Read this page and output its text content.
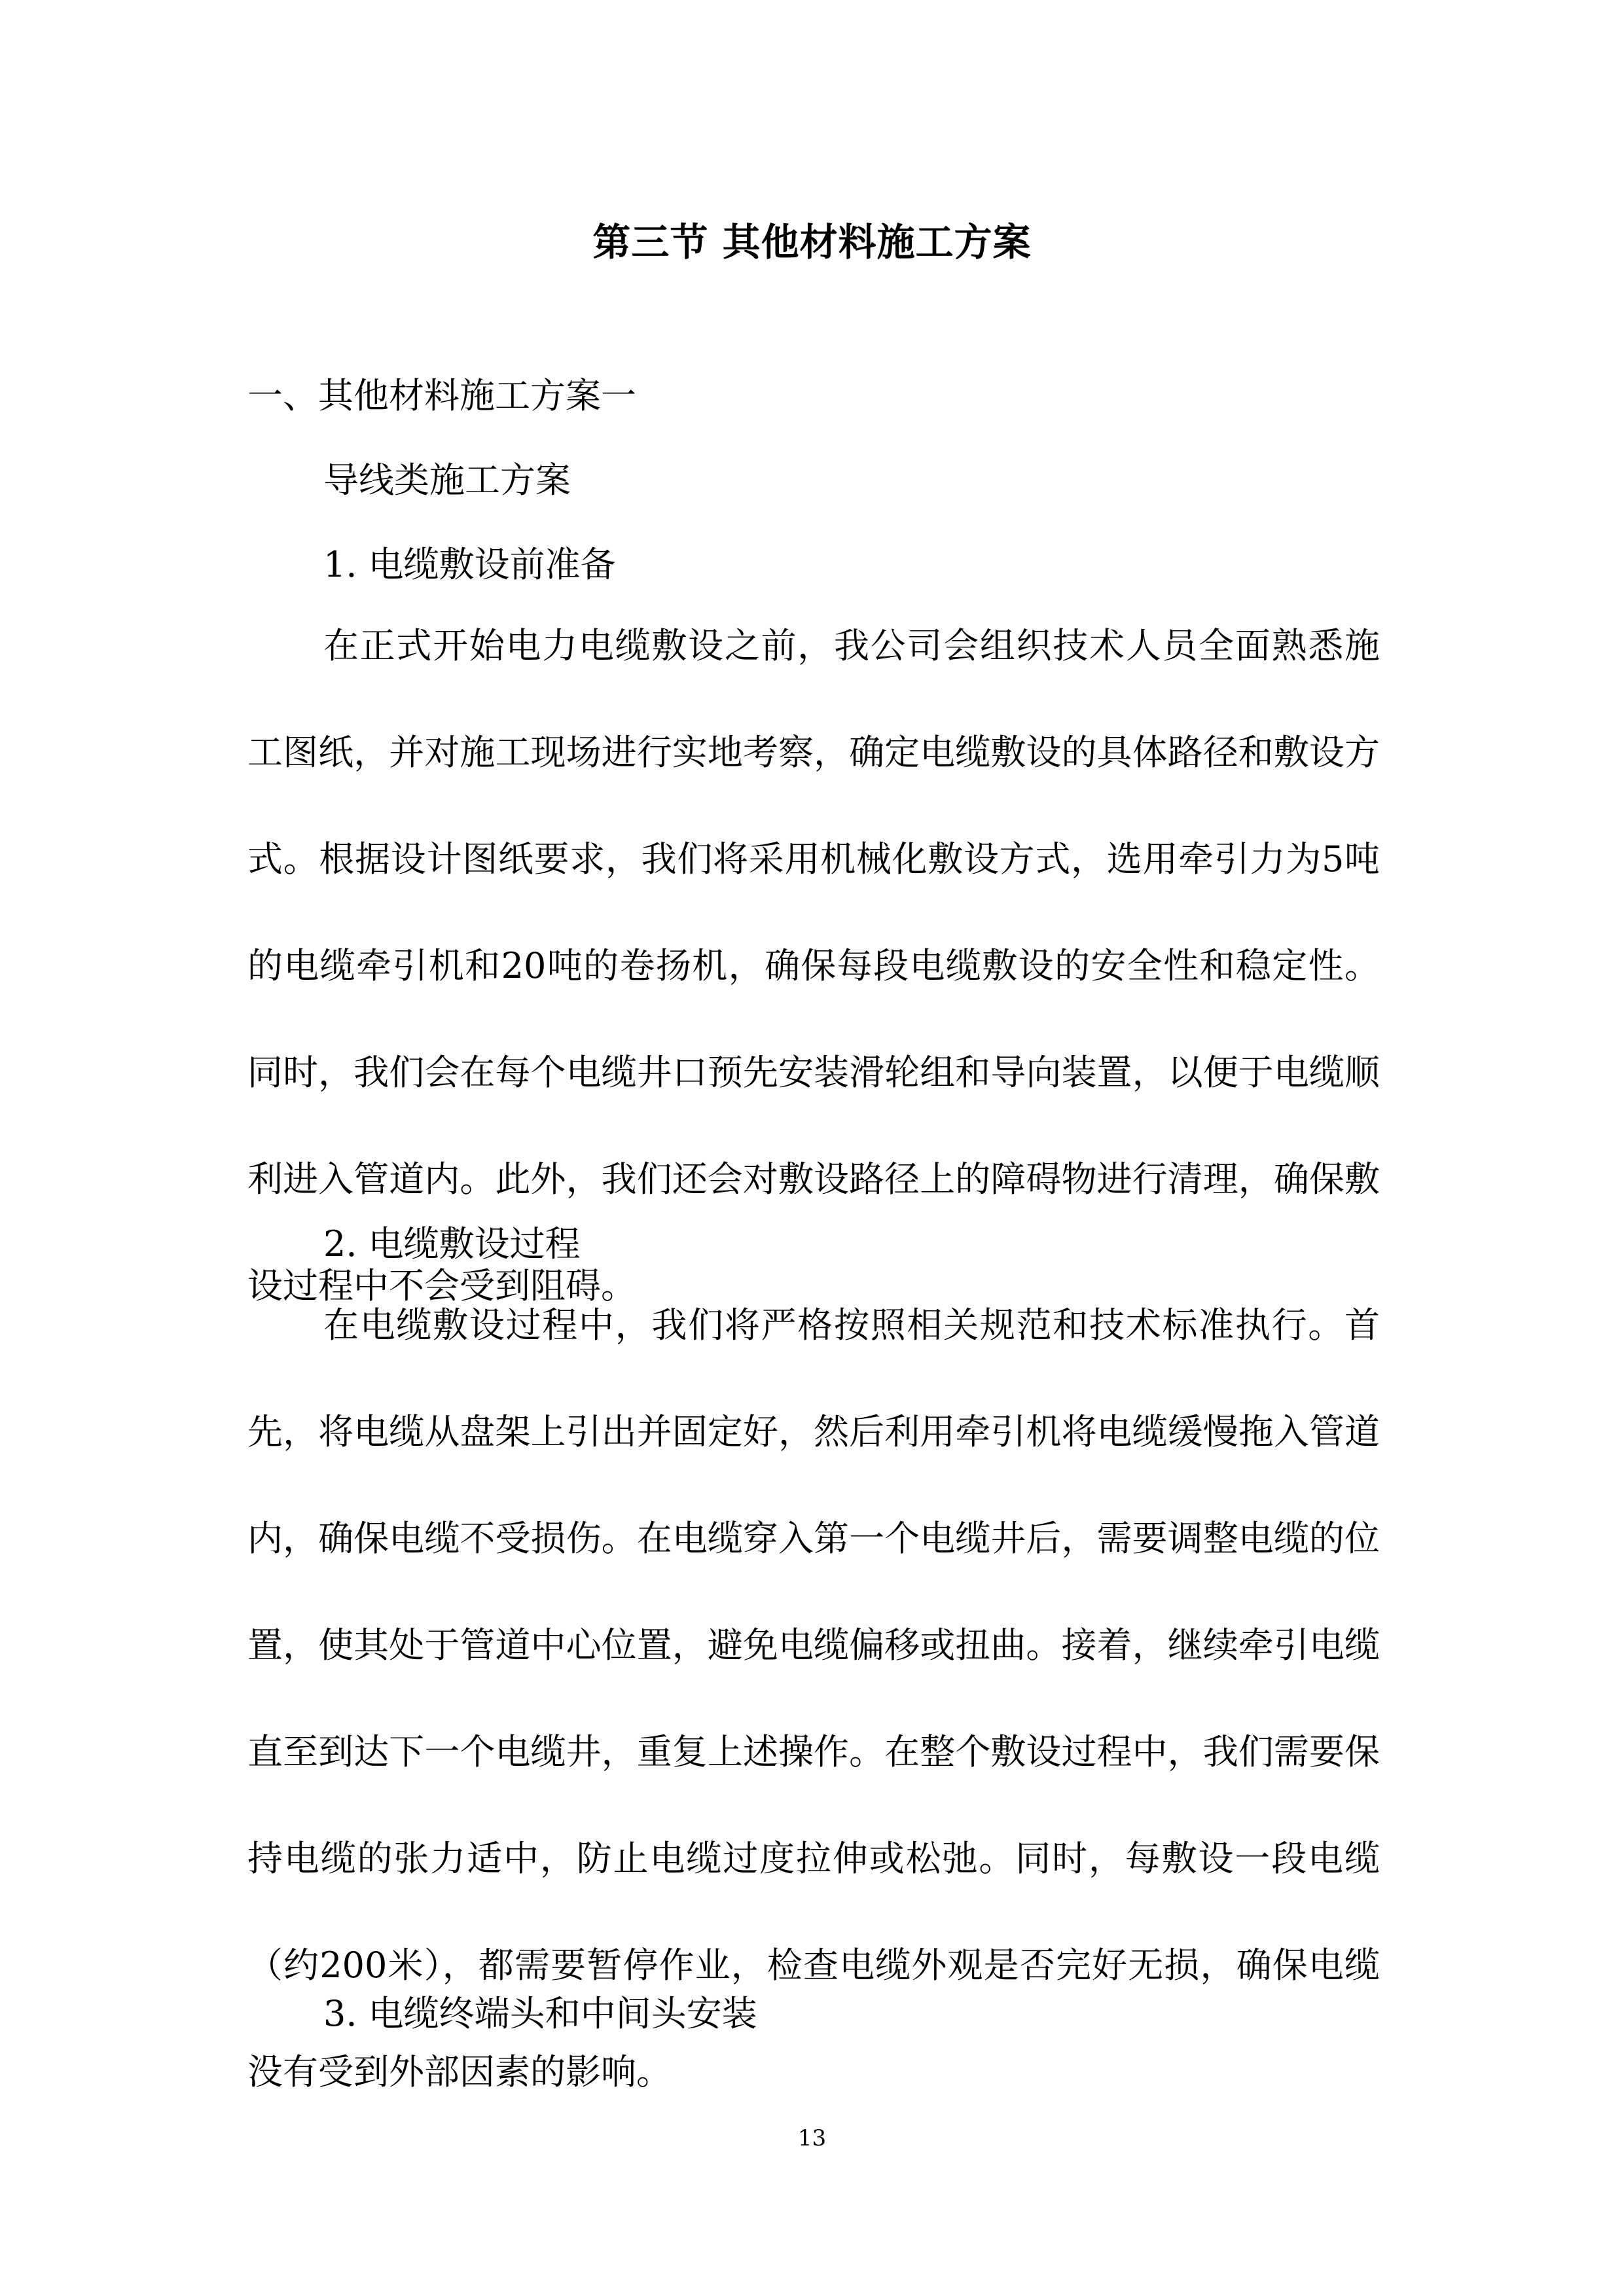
第三节 其他材料施工方案
一、其他材料施工方案一
导线类施工方案
1. 电缆敷设前准备

在正式开始电力电缆敷设之前，我公司会组织技术人员全面熟悉施工图纸，并对施工现场进行实地考察，确定电缆敷设的具体路径和敷设方式。根据设计图纸要求，我们将采用机械化敷设方式，选用牵引力为5吨的电缆牵引机和20吨的卷扬机，确保每段电缆敷设的安全性和稳定性。同时，我们会在每个电缆井口预先安装滑轮组和导向装置，以便于电缆顺利进入管道内。此外，我们还会对敷设路径上的障碍物进行清理，确保敷设过程中不会受到阻碍。

2. 电缆敷设过程

在电缆敷设过程中，我们将严格按照相关规范和技术标准执行。首先，将电缆从盘架上引出并固定好，然后利用牵引机将电缆缓慢拖入管道内，确保电缆不受损伤。在电缆穿入第一个电缆井后，需要调整电缆的位置，使其处于管道中心位置，避免电缆偏移或扭曲。接着，继续牵引电缆直至到达下一个电缆井，重复上述操作。在整个敷设过程中，我们需要保持电缆的张力适中，防止电缆过度拉伸或松弛。同时，每敷设一段电缆（约200米），都需要暂停作业，检查电缆外观是否完好无损，确保电缆没有受到外部因素的影响。

3. 电缆终端头和中间头安装
13
